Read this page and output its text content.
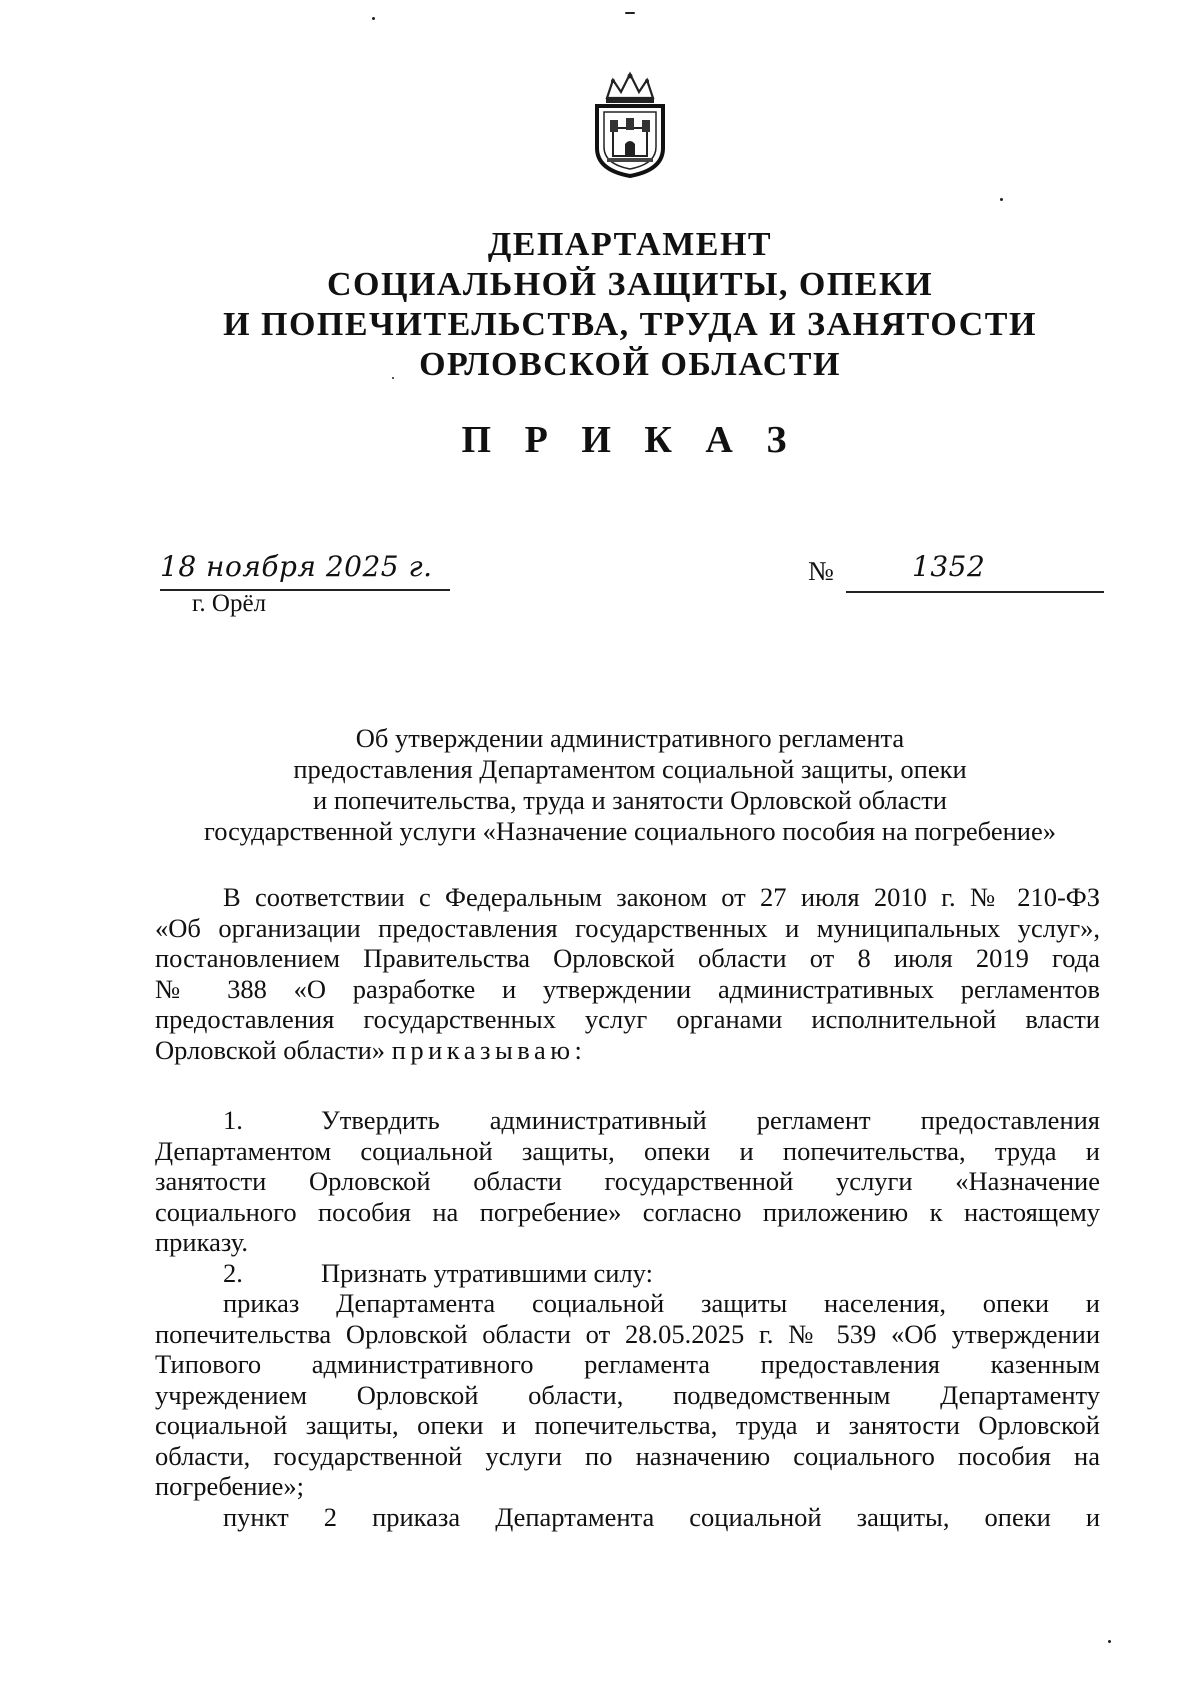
ДЕПАРТАМЕНТ
СОЦИАЛЬНОЙ ЗАЩИТЫ, ОПЕКИ
И ПОПЕЧИТЕЛЬСТВА, ТРУДА И ЗАНЯТОСТИ
ОРЛОВСКОЙ ОБЛАСТИ
П Р И К А З
18 ноября 2025 г.
г. Орёл
№	1352
Об утверждении административного регламента
предоставления Департаментом социальной защиты, опеки
и попечительства, труда и занятости Орловской области
государственной услуги «Назначение социального пособия на погребение»
В соответствии с Федеральным законом от 27 июля 2010 г. № 210-ФЗ
«Об организации предоставления государственных и муниципальных услуг»,
постановлением Правительства Орловской области от 8 июля 2019 года
№ 388 «О разработке и утверждении административных регламентов
предоставления государственных услуг органами исполнительной власти
Орловской области» приказываю:
1.	Утвердить административный регламент предоставления
Департаментом социальной защиты, опеки и попечительства, труда и
занятости Орловской области государственной услуги «Назначение
социального пособия на погребение» согласно приложению к настоящему
приказу.
2.	Признать утратившими силу:
приказ Департамента социальной защиты населения, опеки и
попечительства Орловской области от 28.05.2025 г. № 539 «Об утверждении
Типового административного регламента предоставления казенным
учреждением Орловской области, подведомственным Департаменту
социальной защиты, опеки и попечительства, труда и занятости Орловской
области, государственной услуги по назначению социального пособия на
погребение»;
пункт 2 приказа Департамента социальной защиты, опеки и
